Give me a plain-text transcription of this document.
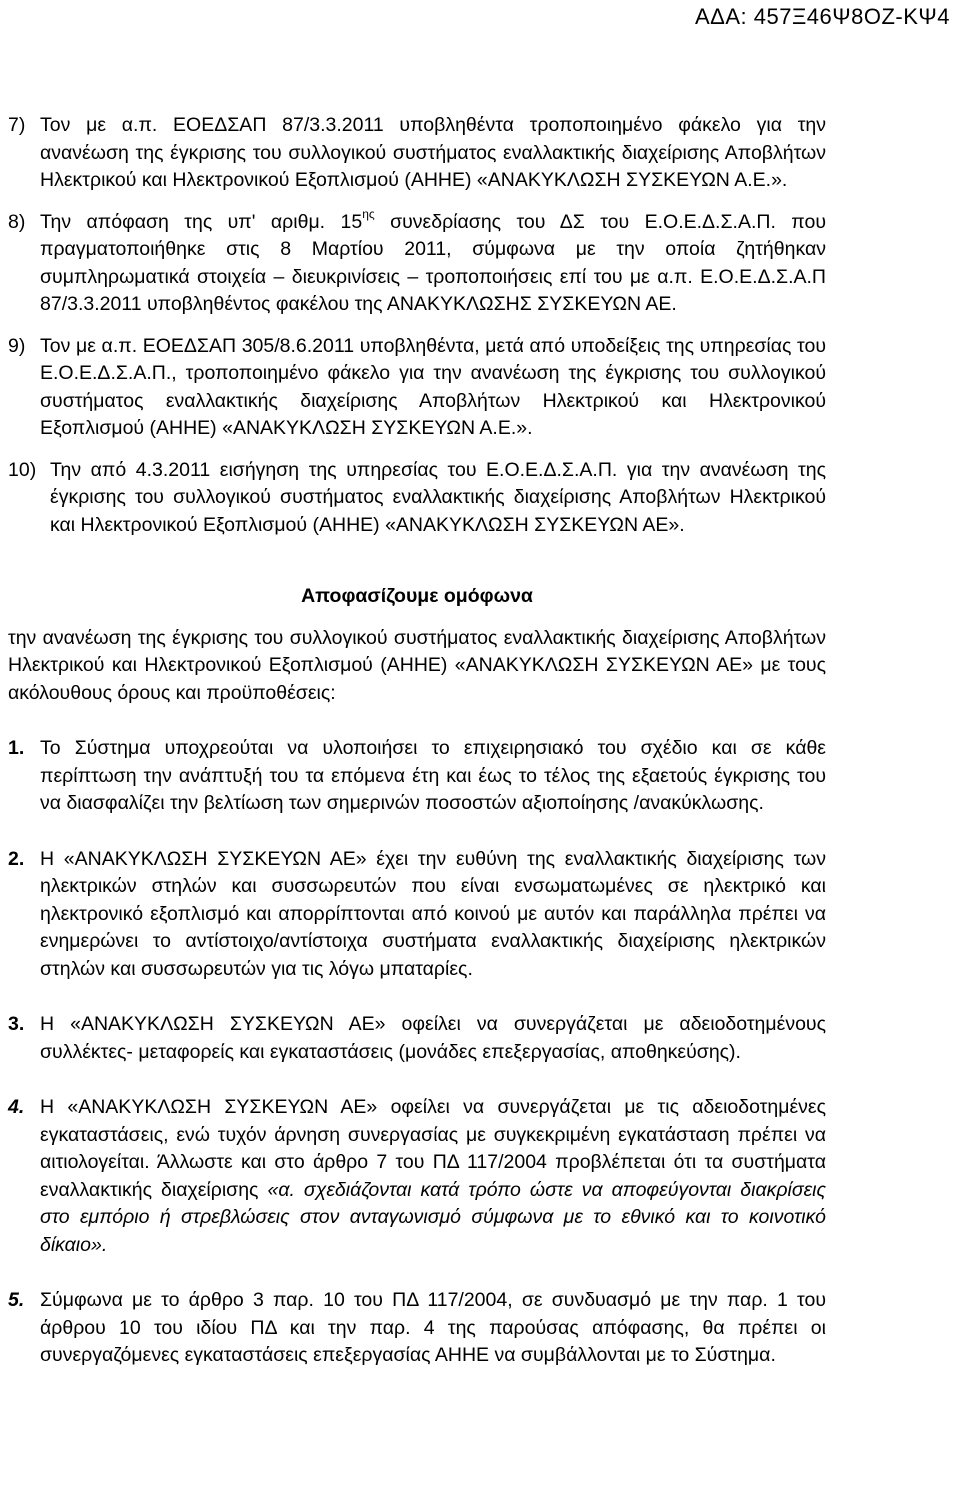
ΑΔΑ: 457Ξ46Ψ8ΟΖ-ΚΨ4
7) Τον με α.π. ΕΟΕΔΣΑΠ 87/3.3.2011 υποβληθέντα τροποποιημένο φάκελο για την ανανέωση της έγκρισης του συλλογικού συστήματος εναλλακτικής διαχείρισης Αποβλήτων Ηλεκτρικού και Ηλεκτρονικού Εξοπλισμού (ΑΗΗΕ) «ΑΝΑΚΥΚΛΩΣΗ ΣΥΣΚΕΥΩΝ Α.Ε.».
8) Την απόφαση της υπ' αριθμ. $15^{\eta\varsigma}$ συνεδρίασης του ΔΣ του Ε.Ο.Ε.Δ.Σ.Α.Π. που πραγματοποιήθηκε στις 8 Μαρτίου 2011, σύμφωνα με την οποία ζητήθηκαν συμπληρωματικά στοιχεία – διευκρινίσεις – τροποποιήσεις επί του με α.π. Ε.Ο.Ε.Δ.Σ.Α.Π 87/3.3.2011 υποβληθέντος φακέλου της ΑΝΑΚΥΚΛΩΣΗΣ ΣΥΣΚΕΥΩΝ ΑΕ.
9) Τον με α.π. ΕΟΕΔΣΑΠ 305/8.6.2011 υποβληθέντα, μετά από υποδείξεις της υπηρεσίας του Ε.Ο.Ε.Δ.Σ.Α.Π., τροποποιημένο φάκελο για την ανανέωση της έγκρισης του συλλογικού συστήματος εναλλακτικής διαχείρισης Αποβλήτων Ηλεκτρικού και Ηλεκτρονικού Εξοπλισμού (ΑΗΗΕ) «ΑΝΑΚΥΚΛΩΣΗ ΣΥΣΚΕΥΩΝ Α.Ε.».
10) Την από 4.3.2011 εισήγηση της υπηρεσίας του Ε.Ο.Ε.Δ.Σ.Α.Π. για την ανανέωση της έγκρισης του συλλογικού συστήματος εναλλακτικής διαχείρισης Αποβλήτων Ηλεκτρικού και Ηλεκτρονικού Εξοπλισμού (ΑΗΗΕ) «ΑΝΑΚΥΚΛΩΣΗ ΣΥΣΚΕΥΩΝ ΑΕ».

Αποφασίζουμε ομόφωνα

την ανανέωση της έγκρισης του συλλογικού συστήματος εναλλακτικής διαχείρισης Αποβλήτων Ηλεκτρικού και Ηλεκτρονικού Εξοπλισμού (ΑΗΗΕ) «ΑΝΑΚΥΚΛΩΣΗ ΣΥΣΚΕΥΩΝ ΑΕ» με τους ακόλουθους όρους και προϋποθέσεις:

1. Το Σύστημα υποχρεούται να υλοποιήσει το επιχειρησιακό του σχέδιο και σε κάθε περίπτωση την ανάπτυξή του τα επόμενα έτη και έως το τέλος της εξαετούς έγκρισης του να διασφαλίζει την βελτίωση των σημερινών ποσοστών αξιοποίησης /ανακύκλωσης.
2. Η «ΑΝΑΚΥΚΛΩΣΗ ΣΥΣΚΕΥΩΝ ΑΕ» έχει την ευθύνη της εναλλακτικής διαχείρισης των ηλεκτρικών στηλών και συσσωρευτών που είναι ενσωματωμένες σε ηλεκτρικό και ηλεκτρονικό εξοπλισμό και απορρίπτονται από κοινού με αυτόν και παράλληλα πρέπει να ενημερώνει το αντίστοιχο/αντίστοιχα συστήματα εναλλακτικής διαχείρισης ηλεκτρικών στηλών και συσσωρευτών για τις λόγω μπαταρίες.
3. Η «ΑΝΑΚΥΚΛΩΣΗ ΣΥΣΚΕΥΩΝ ΑΕ» οφείλει να συνεργάζεται με αδειοδοτημένους συλλέκτες- μεταφορείς και εγκαταστάσεις (μονάδες επεξεργασίας, αποθηκεύσης).
4. Η «ΑΝΑΚΥΚΛΩΣΗ ΣΥΣΚΕΥΩΝ ΑΕ» οφείλει να συνεργάζεται με τις αδειοδοτημένες εγκαταστάσεις, ενώ τυχόν άρνηση συνεργασίας με συγκεκριμένη εγκατάσταση πρέπει να αιτιολογείται. Άλλωστε και στο άρθρο 7 του ΠΔ 117/2004 προβλέπεται ότι τα συστήματα εναλλακτικής διαχείρισης «α. σχεδιάζονται κατά τρόπο ώστε να αποφεύγονται διακρίσεις στο εμπόριο ή στρεβλώσεις στον ανταγωνισμό σύμφωνα με το εθνικό και το κοινοτικό δίκαιο».
5. Σύμφωνα με το άρθρο 3 παρ. 10 του ΠΔ 117/2004, σε συνδυασμό με την παρ. 1 του άρθρου 10 του ιδίου ΠΔ και την παρ. 4 της παρούσας απόφασης, θα πρέπει οι συνεργαζόμενες εγκαταστάσεις επεξεργασίας ΑΗΗΕ να συμβάλλονται με το Σύστημα.
